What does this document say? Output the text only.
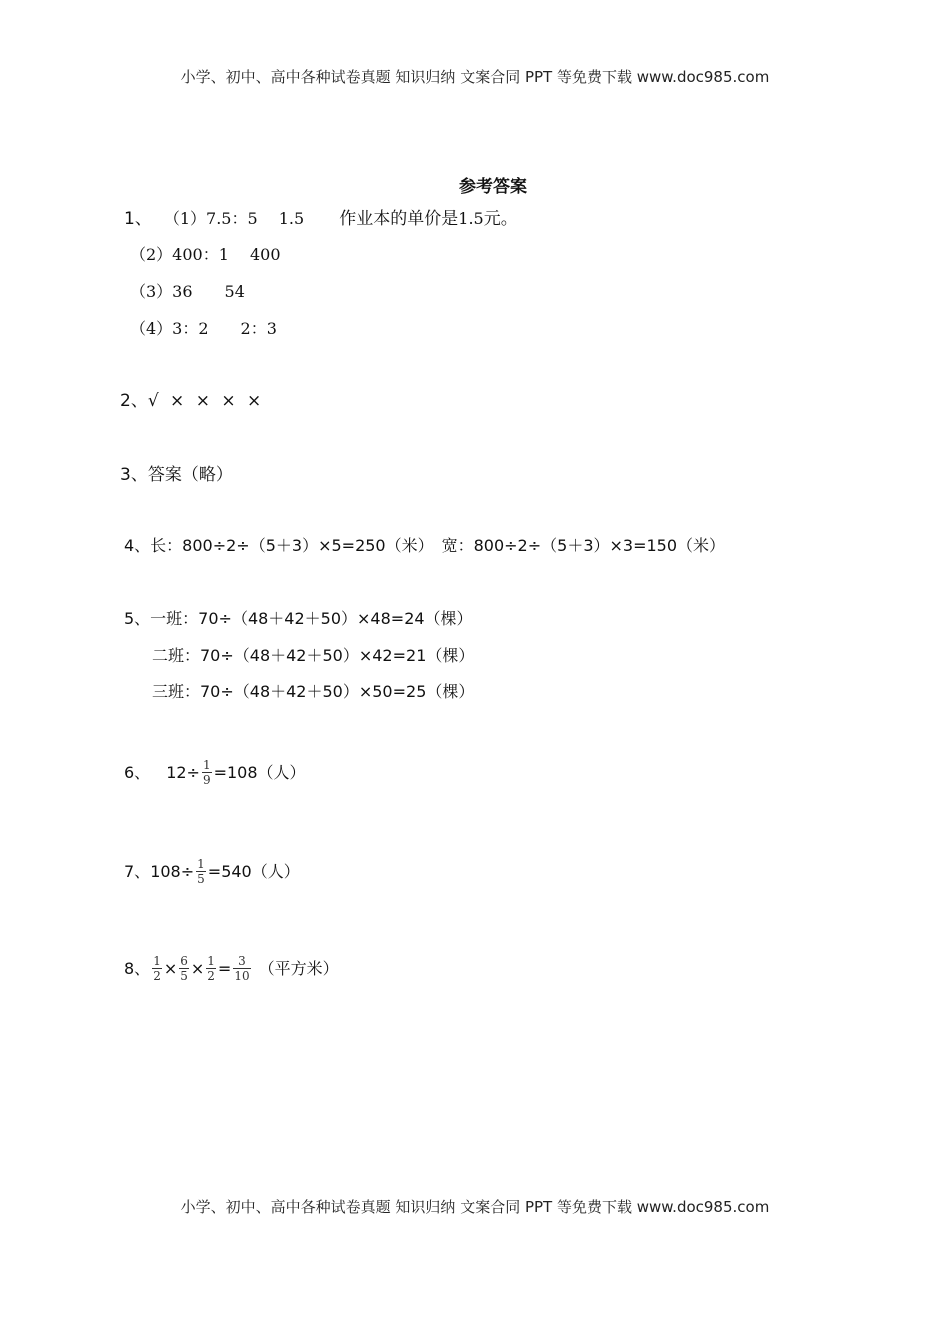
小学、初中、高中各种试卷真题 知识归纳 文案合同 PPT 等免费下载 www.doc985.com
参考答案
1、 （1）7.5：5　 1.5　 作业本的单价是 1.5 元。
（2）400：1　 400
（3）36　　54
（4）3：2　　2：3
2、√ × × × ×
3、答案（略）
4、长：800÷2÷（5＋3）×5=250（米）　宽：800÷2÷（5＋3）×3=150（米）
5、一班：70÷（48＋42＋50）×48=24（棵）
二班：70÷（48＋42＋50）×42=21（棵）
三班：70÷（48＋42＋50）×50=25（棵）
6、 $12\div \frac{1}{9} =108$（人）
7、 $108\div \frac{1}{5} =540$（人）
8、 $\frac{1}{2} \times \frac{6}{5} \times \frac{1}{2} = \frac{3}{10}$ （平方米）
小学、初中、高中各种试卷真题 知识归纳 文案合同 PPT 等免费下载 www.doc985.com
